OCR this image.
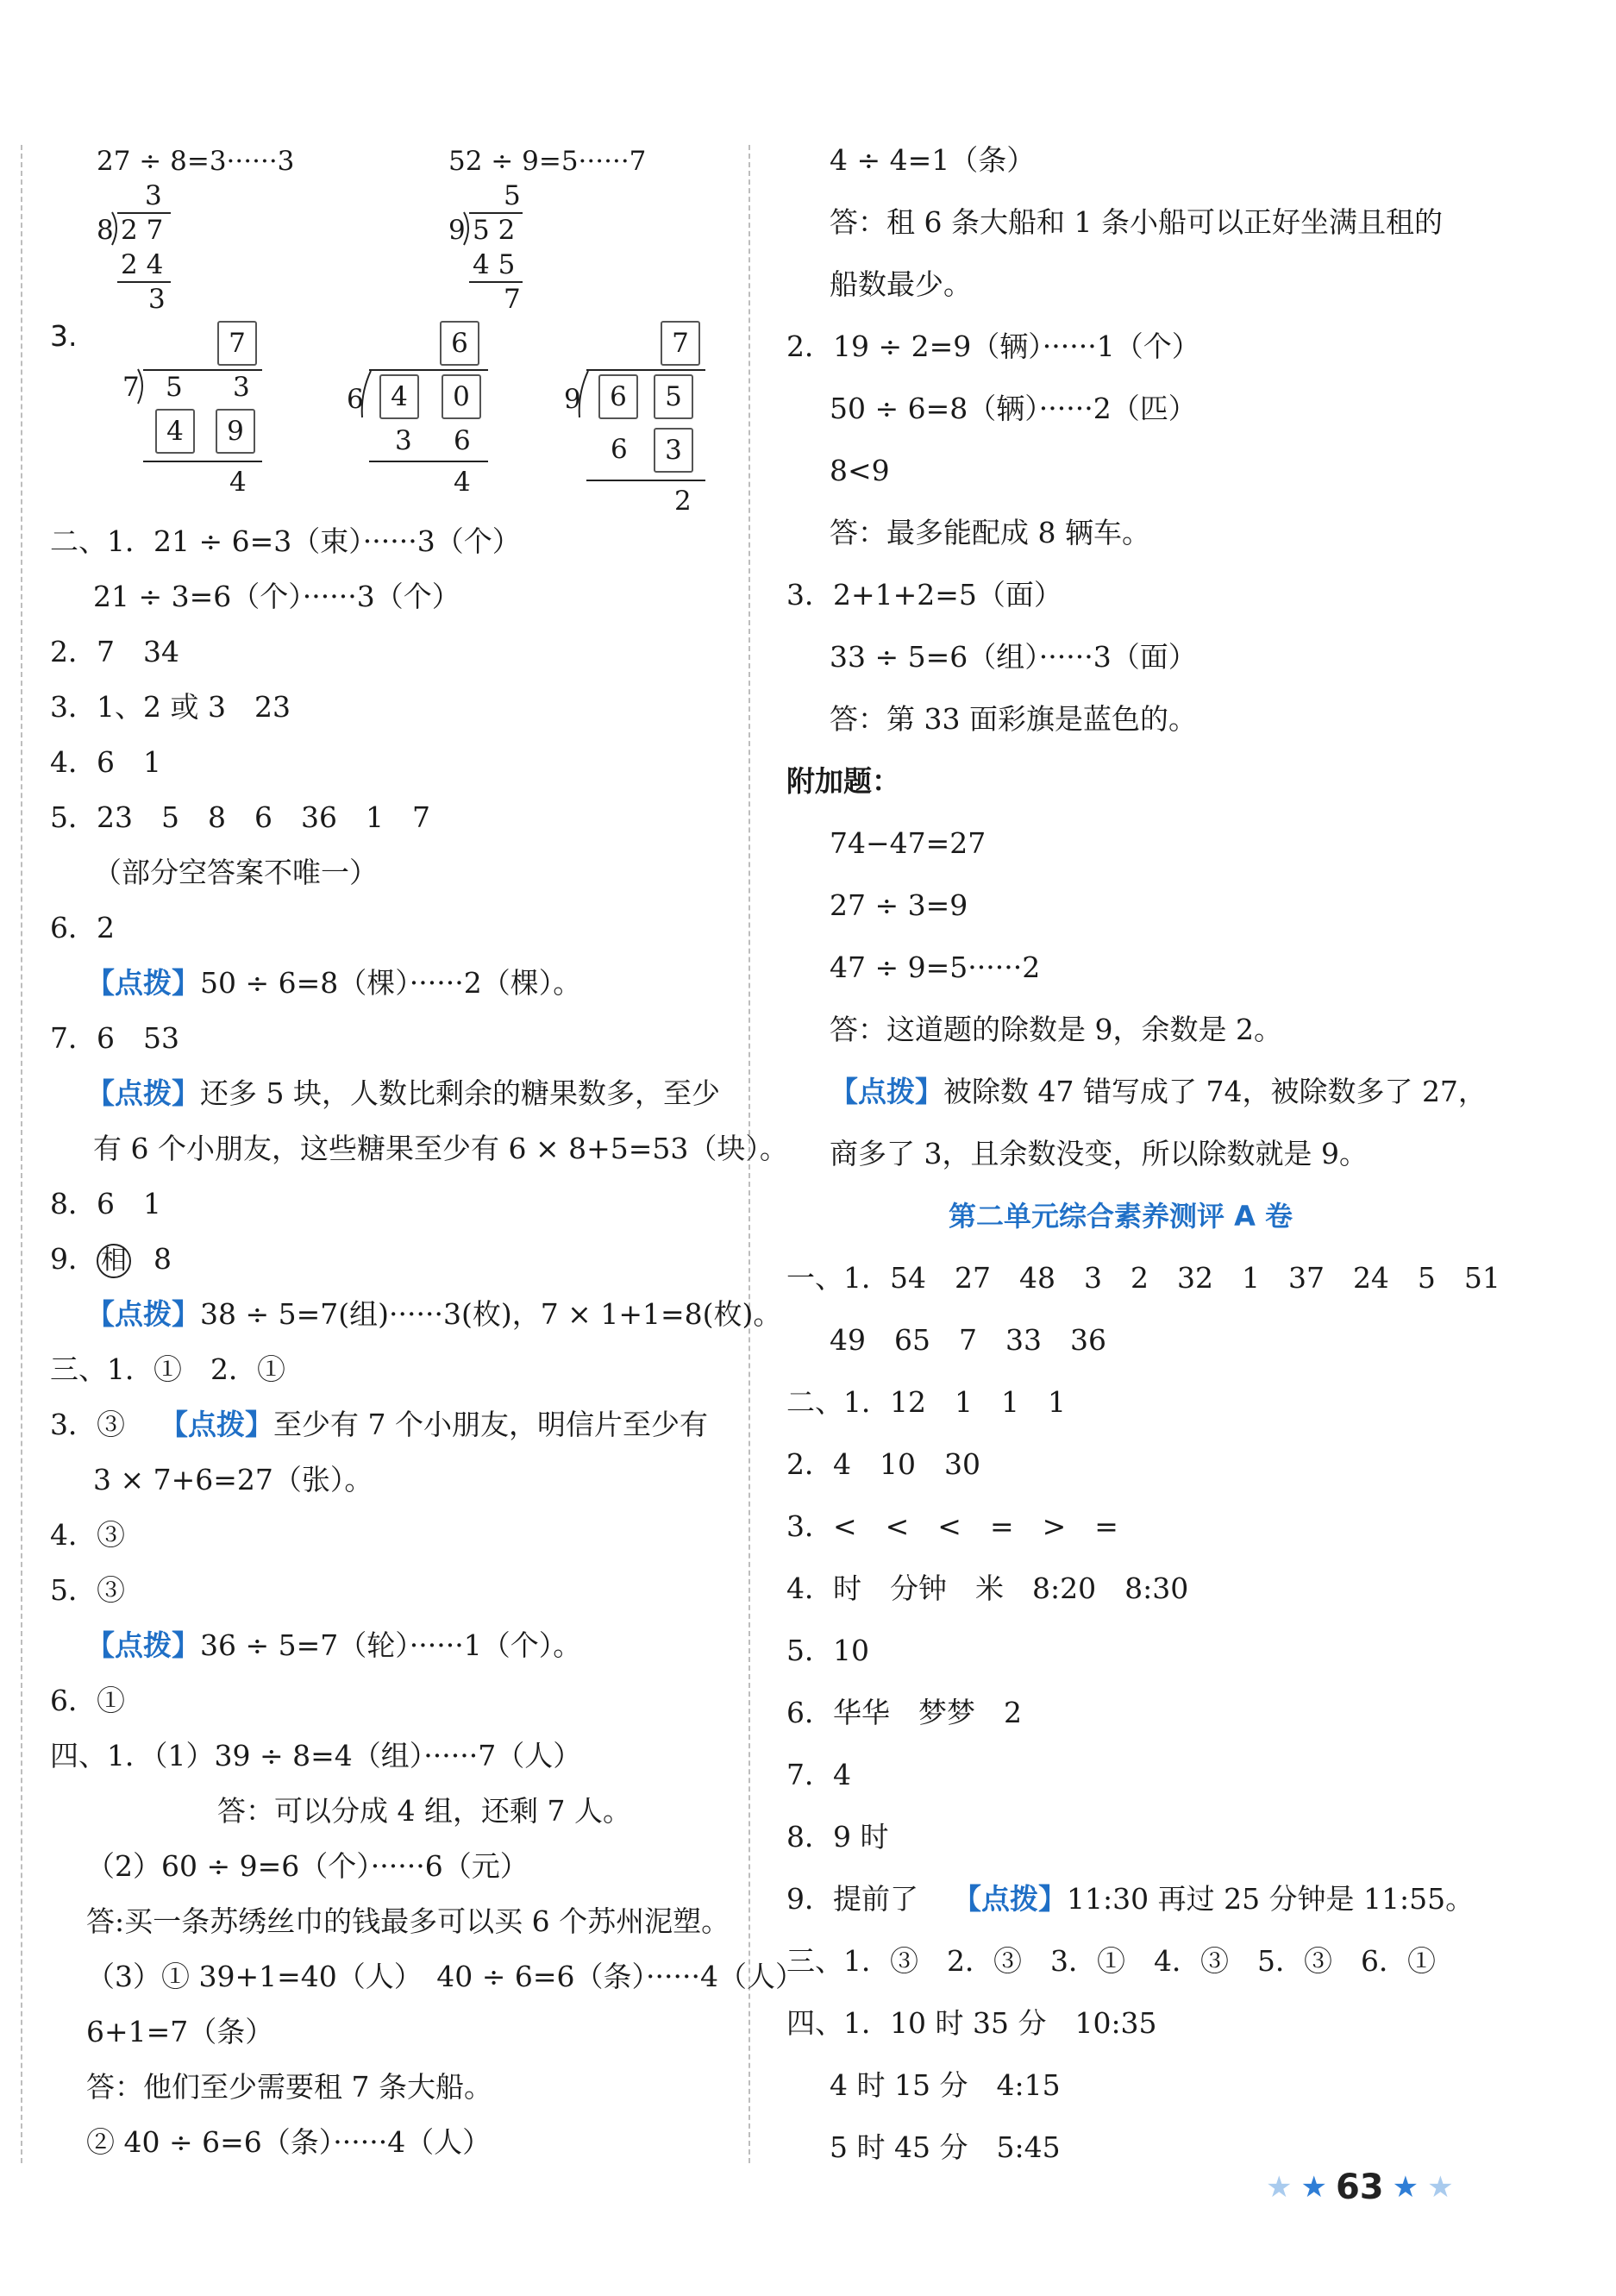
27 ÷ 8=3······3
3
8 2 7
2 4
3
52 ÷ 9=5······7
5
9 5 2
4 5
7
3.	7
7 5 3
4	9
4
6
6	4	0
3 6
4
7
9	6	5
6	3
2
二、1．21 ÷ 6=3（束）······3（个）
21 ÷ 3=6（个）······3（个）
2．7　34
3．1、2 或 3　23
4．6　1
5．23　5　8　6　36　1　7
（部分空答案不唯一）
6．2
【点拨】50 ÷ 6=8（棵）······2（棵）。
7．6　53
【点拨】还多 5 块，人数比剩余的糖果数多，至少
有 6 个小朋友，这些糖果至少有 6 × 8+5=53（块）。
8．6　1
9． 相 8
【点拨】38 ÷ 5=7(组)······3(枚)，7 × 1+1=8(枚)。
三、1．①　2．①
3．③ 【点拨】至少有 7 个小朋友，明信片至少有
3 × 7+6=27（张）。
4．③
5．③
【点拨】36 ÷ 5=7（轮）······1（个）。
6．①
四、1．（1）39 ÷ 8=4（组）······7（人）
答：可以分成 4 组，还剩 7 人。
（2）60 ÷ 9=6（个）······6（元）
答:买一条苏绣丝巾的钱最多可以买 6 个苏州泥塑。
（3）① 39+1=40（人）　40 ÷ 6=6（条）······4（人）
6+1=7（条）
答：他们至少需要租 7 条大船。
② 40 ÷ 6=6（条）······4（人）
4 ÷ 4=1（条）
答：租 6 条大船和 1 条小船可以正好坐满且租的
船数最少。
2．19 ÷ 2=9（辆）······1（个）
50 ÷ 6=8（辆）······2（匹）
8<9
答：最多能配成 8 辆车。
3．2+1+2=5（面）
33 ÷ 5=6（组）······3（面）
答：第 33 面彩旗是蓝色的。
附加题：
74−47=27
27 ÷ 3=9
47 ÷ 9=5······2
答：这道题的除数是 9，余数是 2。
【点拨】被除数 47 错写成了 74，被除数多了 27，
商多了 3，且余数没变，所以除数就是 9。
第二单元综合素养测评 A 卷
一、1．54　27　48　3　2　32　1　37　24　5　51
49　65　7　33　36
二、1．12　1　1　1
2．4　10　30
3．<　<　<　=　>　=
4．时　分钟　米　8:20　8:30
5．10
6．华华　梦梦　2
7．4
8．9 时
9．提前了 【点拨】11:30 再过 25 分钟是 11:55。
三、1．③　2．③　3．①　4．③　5．③　6．①
四、1．10 时 35 分　10:35
4 时 15 分　4:15
5 时 45 分　5:45
★ ★ 63 ★ ★
